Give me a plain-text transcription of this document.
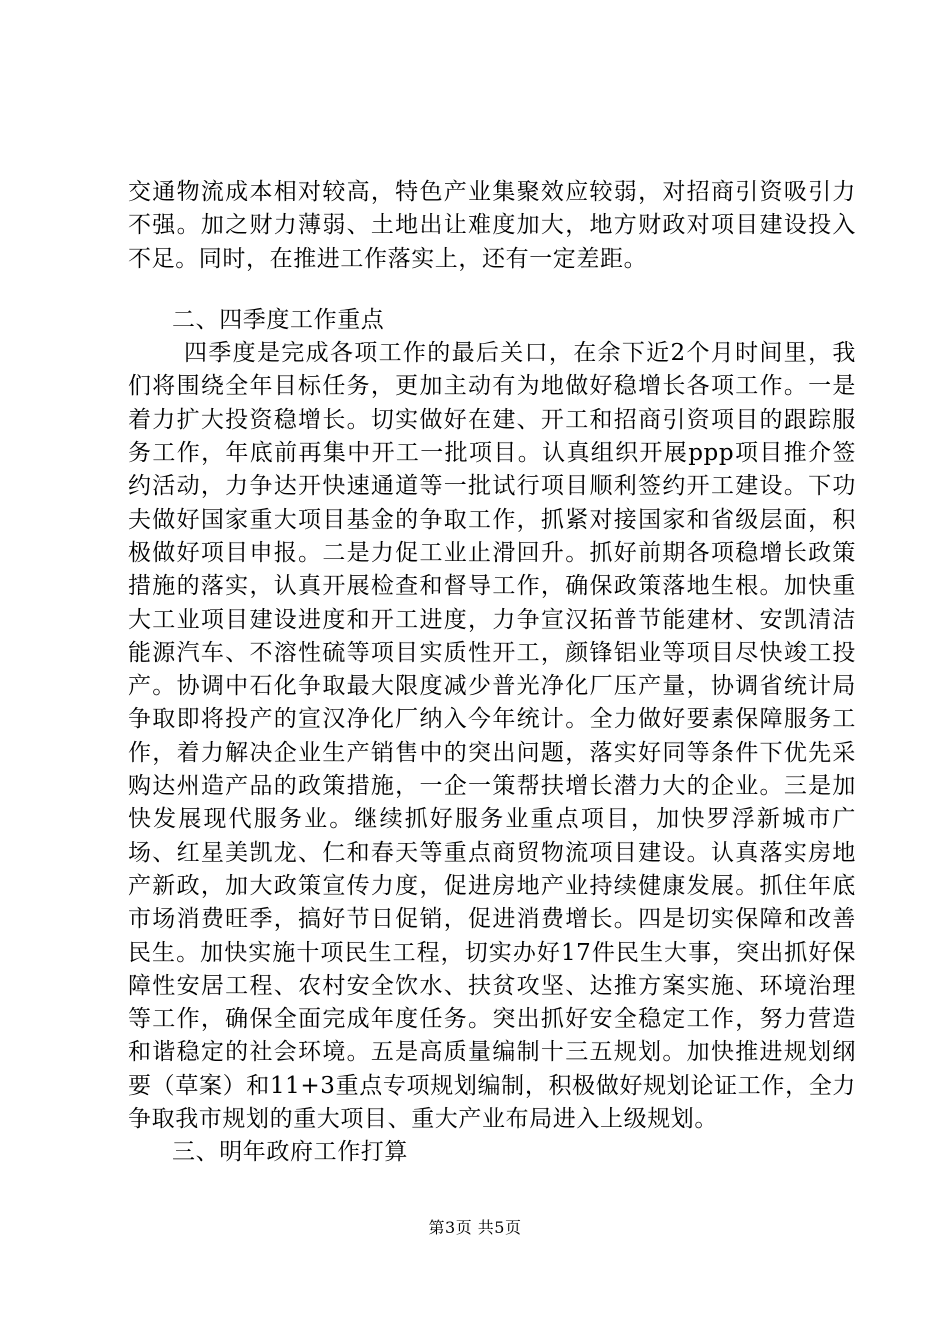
交通物流成本相对较高，特色产业集聚效应较弱，对招商引资吸引力不强。加之财力薄弱、土地出让难度加大，地方财政对项目建设投入不足。同时，在推进工作落实上，还有一定差距。

二、四季度工作重点

四季度是完成各项工作的最后关口，在余下近2个月时间里，我们将围绕全年目标任务，更加主动有为地做好稳增长各项工作。一是着力扩大投资稳增长。切实做好在建、开工和招商引资项目的跟踪服务工作，年底前再集中开工一批项目。认真组织开展ppp项目推介签约活动，力争达开快速通道等一批试行项目顺利签约开工建设。下功夫做好国家重大项目基金的争取工作，抓紧对接国家和省级层面，积极做好项目申报。二是力促工业止滑回升。抓好前期各项稳增长政策措施的落实，认真开展检查和督导工作，确保政策落地生根。加快重大工业项目建设进度和开工进度，力争宣汉拓普节能建材、安凯清洁能源汽车、不溶性硫等项目实质性开工，颜锋铝业等项目尽快竣工投产。协调中石化争取最大限度减少普光净化厂压产量，协调省统计局争取即将投产的宣汉净化厂纳入今年统计。全力做好要素保障服务工作，着力解决企业生产销售中的突出问题，落实好同等条件下优先采购达州造产品的政策措施，一企一策帮扶增长潜力大的企业。三是加快发展现代服务业。继续抓好服务业重点项目，加快罗浮新城市广场、红星美凯龙、仁和春天等重点商贸物流项目建设。认真落实房地产新政，加大政策宣传力度，促进房地产业持续健康发展。抓住年底市场消费旺季，搞好节日促销，促进消费增长。四是切实保障和改善民生。加快实施十项民生工程，切实办好17件民生大事，突出抓好保障性安居工程、农村安全饮水、扶贫攻坚、达推方案实施、环境治理等工作，确保全面完成年度任务。突出抓好安全稳定工作，努力营造和谐稳定的社会环境。五是高质量编制十三五规划。加快推进规划纲要（草案）和11+3重点专项规划编制，积极做好规划论证工作，全力争取我市规划的重大项目、重大产业布局进入上级规划。

三、明年政府工作打算

第3页 共5页
